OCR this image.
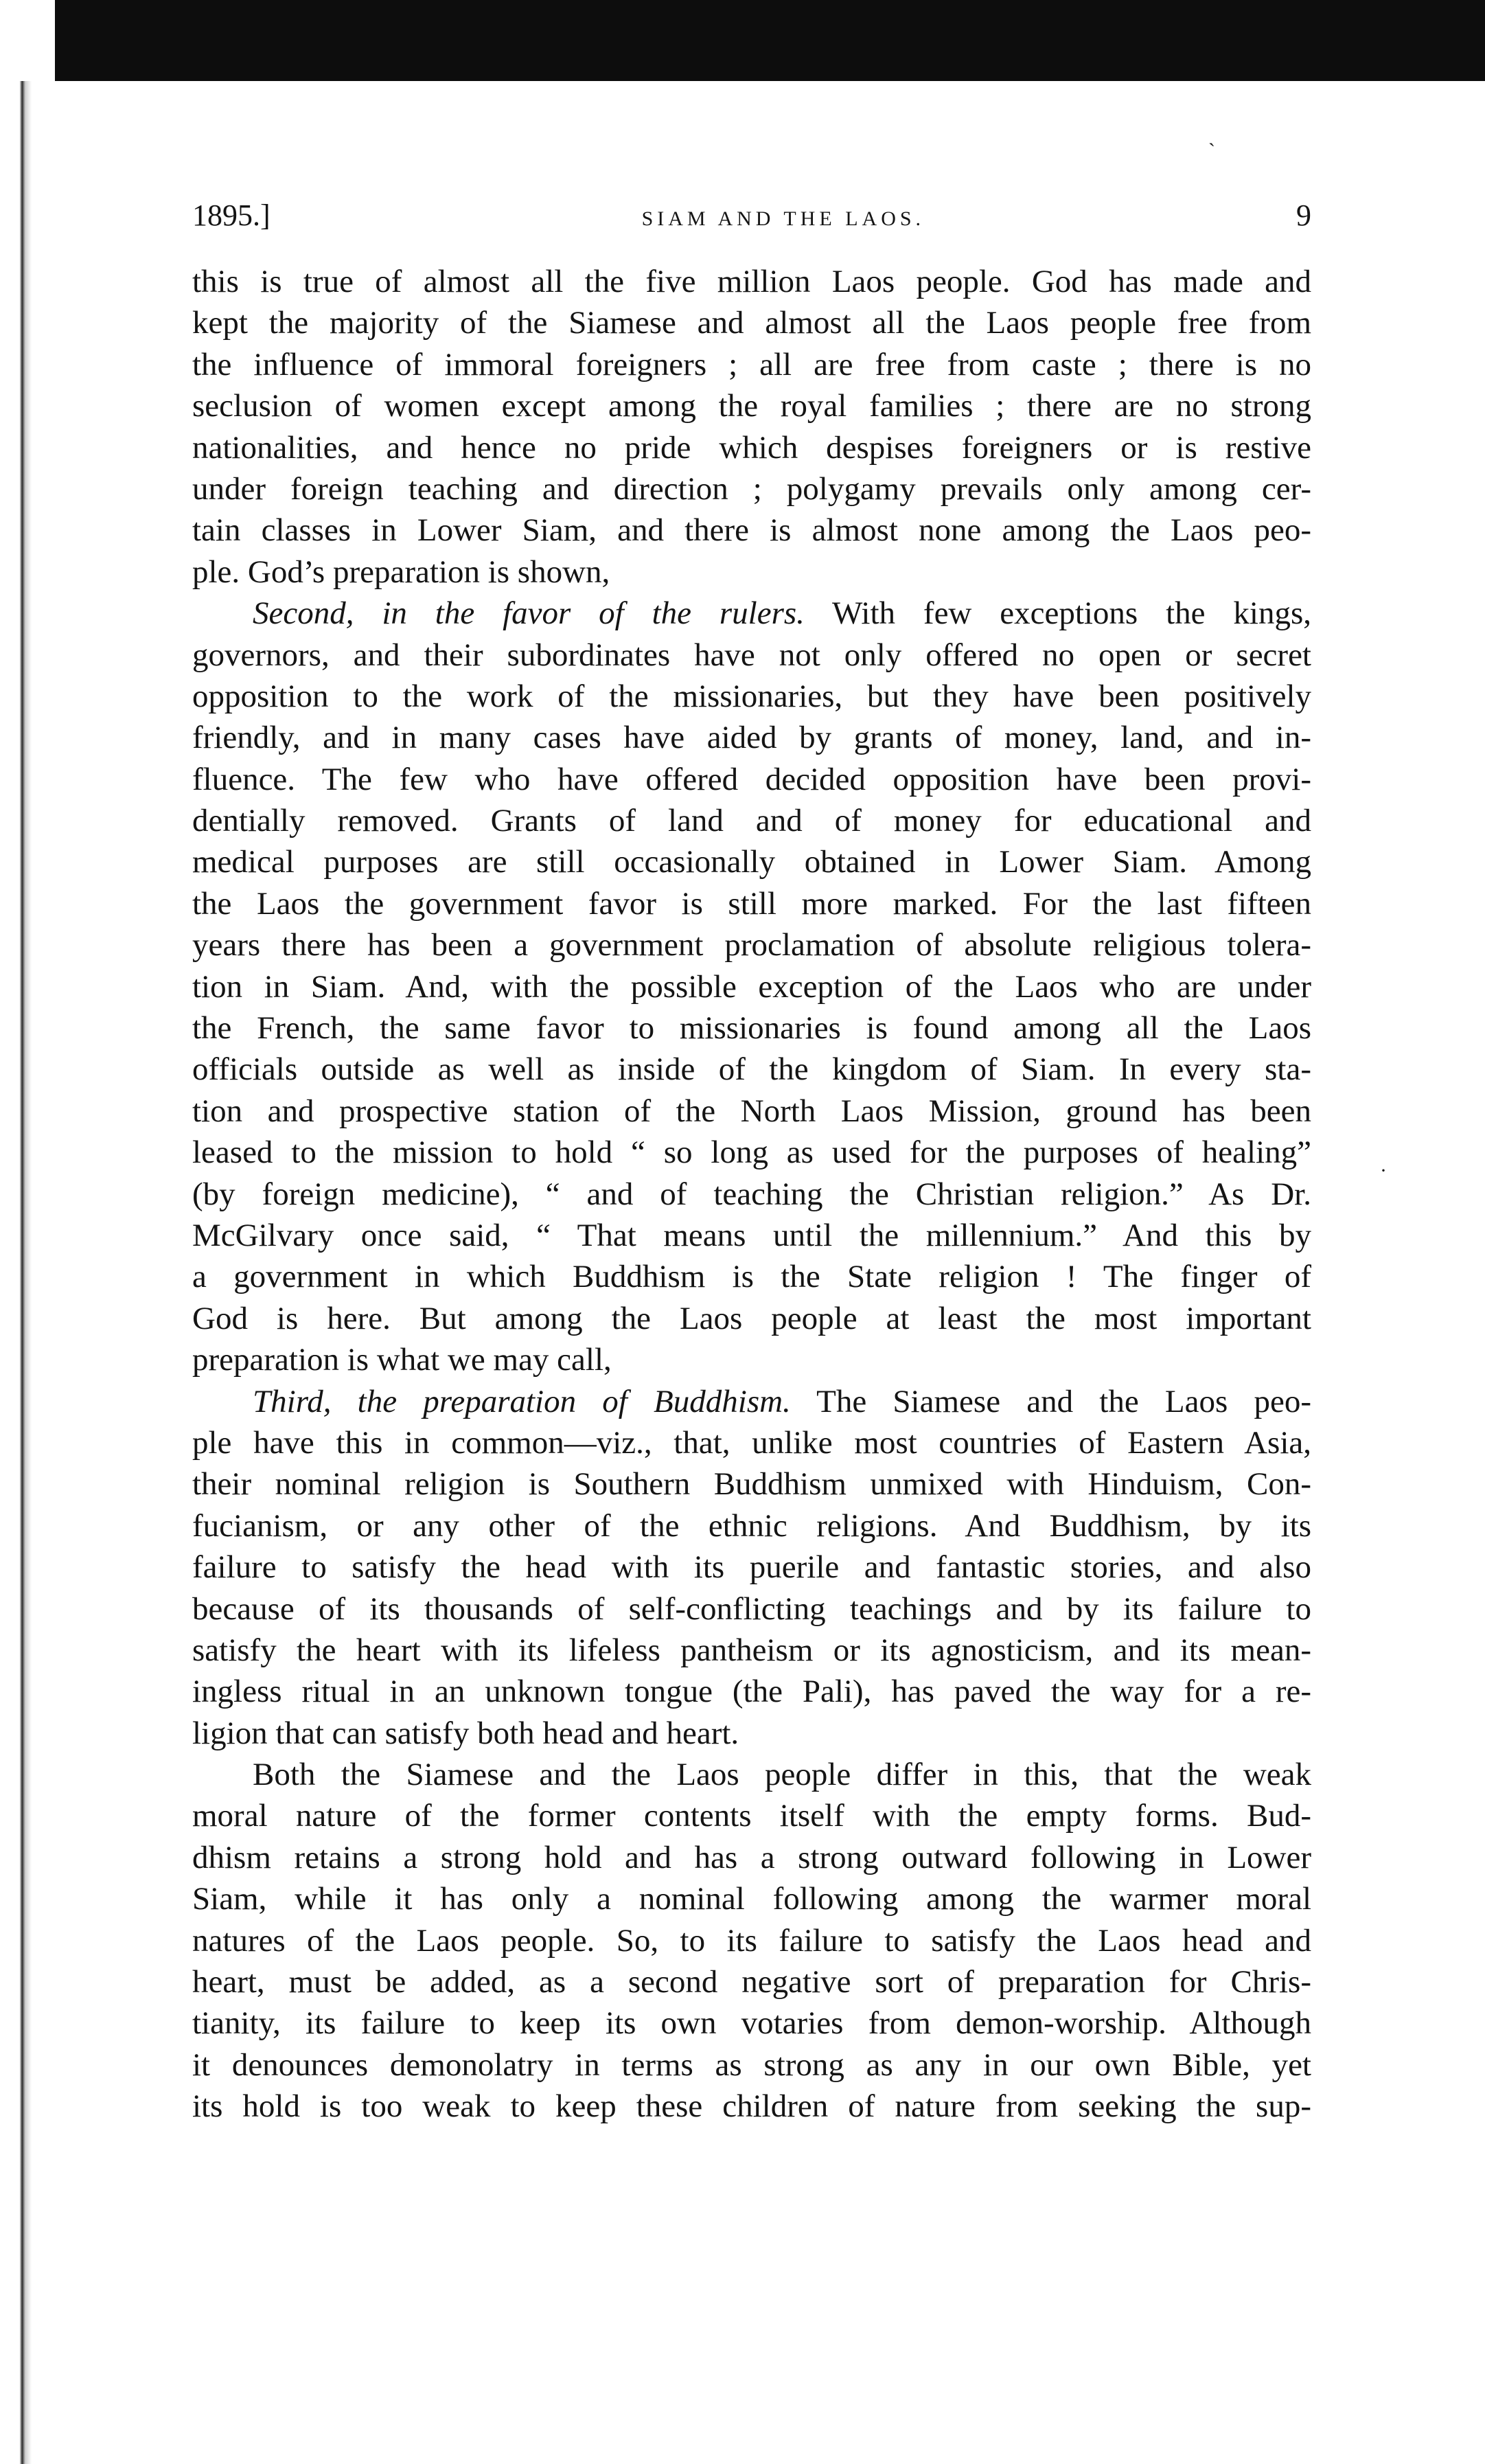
ˋ
·
1895.]	SIAM AND THE LAOS.	9
this is true of almost all the five million Laos people. God has made and
kept the majority of the Siamese and almost all the Laos people free from
the influence of immoral foreigners ; all are free from caste ; there is no
seclusion of women except among the royal families ; there are no strong
nationalities, and hence no pride which despises foreigners or is restive
under foreign teaching and direction ; polygamy prevails only among cer-
tain classes in Lower Siam, and there is almost none among the Laos peo-
ple. God’s preparation is shown,
Second, in the favor of the rulers. With few exceptions the kings,
governors, and their subordinates have not only offered no open or secret
opposition to the work of the missionaries, but they have been positively
friendly, and in many cases have aided by grants of money, land, and in-
fluence. The few who have offered decided opposition have been provi-
dentially removed. Grants of land and of money for educational and
medical purposes are still occasionally obtained in Lower Siam. Among
the Laos the government favor is still more marked. For the last fifteen
years there has been a government proclamation of absolute religious tolera-
tion in Siam. And, with the possible exception of the Laos who are under
the French, the same favor to missionaries is found among all the Laos
officials outside as well as inside of the kingdom of Siam. In every sta-
tion and prospective station of the North Laos Mission, ground has been
leased to the mission to hold “ so long as used for the purposes of healing”
(by foreign medicine), “ and of teaching the Christian religion.” As Dr.
McGilvary once said, “ That means until the millennium.” And this by
a government in which Buddhism is the State religion ! The finger of
God is here. But among the Laos people at least the most important
preparation is what we may call,
Third, the preparation of Buddhism. The Siamese and the Laos peo-
ple have this in common—viz., that, unlike most countries of Eastern Asia,
their nominal religion is Southern Buddhism unmixed with Hinduism, Con-
fucianism, or any other of the ethnic religions. And Buddhism, by its
failure to satisfy the head with its puerile and fantastic stories, and also
because of its thousands of self-conflicting teachings and by its failure to
satisfy the heart with its lifeless pantheism or its agnosticism, and its mean-
ingless ritual in an unknown tongue (the Pali), has paved the way for a re-
ligion that can satisfy both head and heart.
Both the Siamese and the Laos people differ in this, that the weak
moral nature of the former contents itself with the empty forms. Bud-
dhism retains a strong hold and has a strong outward following in Lower
Siam, while it has only a nominal following among the warmer moral
natures of the Laos people. So, to its failure to satisfy the Laos head and
heart, must be added, as a second negative sort of preparation for Chris-
tianity, its failure to keep its own votaries from demon-worship. Although
it denounces demonolatry in terms as strong as any in our own Bible, yet
its hold is too weak to keep these children of nature from seeking the sup-
